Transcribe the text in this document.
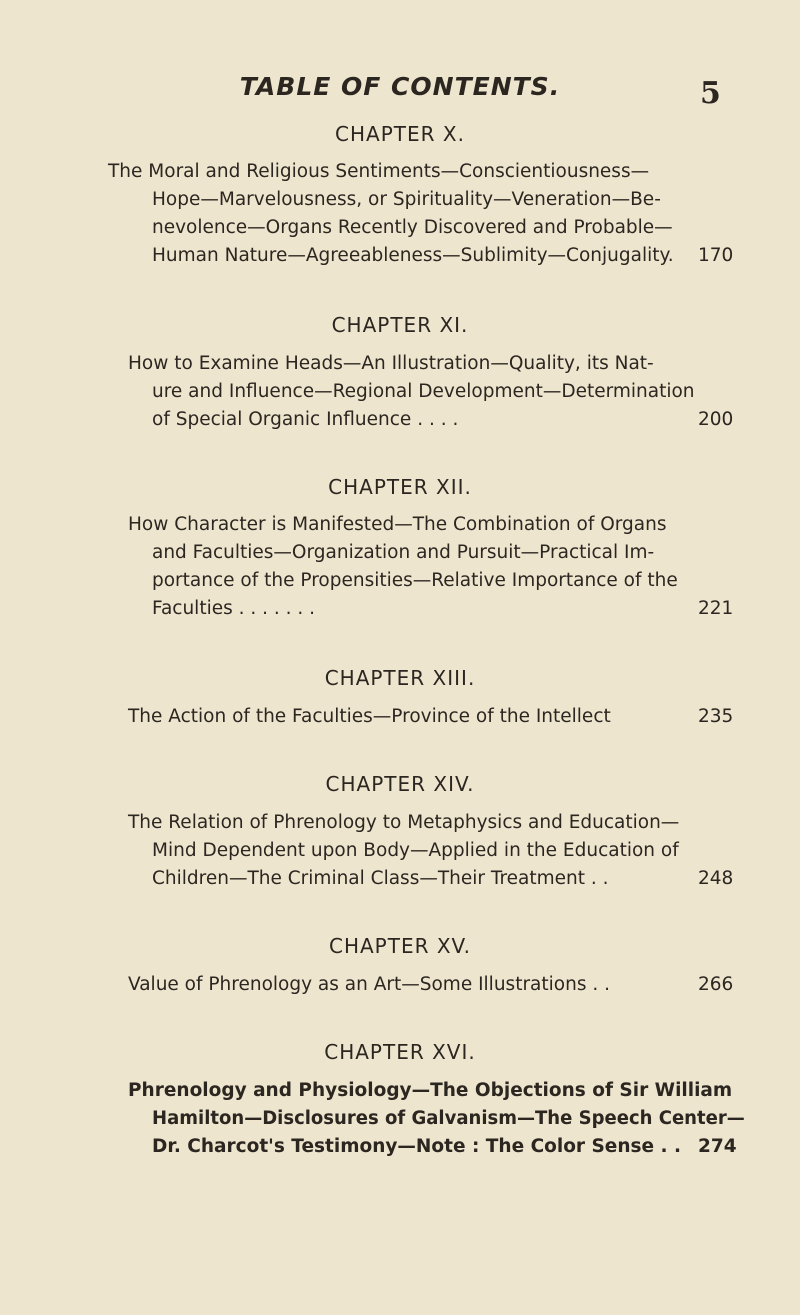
TABLE OF CONTENTS.	5
CHAPTER X.
The Moral and Religious Sentiments—Conscientiousness—
Hope—Marvelousness, or Spirituality—Veneration—Be-
nevolence—Organs Recently Discovered and Probable—
Human Nature—Agreeableness—Sublimity—Conjugality. 170
CHAPTER XI.
How to Examine Heads—An Illustration—Quality, its Nat-
ure and Influence—Regional Development—Determination
of Special Organic Influence . . . .	200
CHAPTER XII.
How Character is Manifested—The Combination of Organs
and Faculties—Organization and Pursuit—Practical Im-
portance of the Propensities—Relative Importance of the
Faculties . . . . . . .	221
CHAPTER XIII.
The Action of the Faculties—Province of the Intellect	235
CHAPTER XIV.
The Relation of Phrenology to Metaphysics and Education—
Mind Dependent upon Body—Applied in the Education of
Children—The Criminal Class—Their Treatment . .	248
CHAPTER XV.
Value of Phrenology as an Art—Some Illustrations . .	266
CHAPTER XVI.
Phrenology and Physiology—The Objections of Sir William
Hamilton—Disclosures of Galvanism—The Speech Center—
Dr. Charcot's Testimony—Note : The Color Sense . . 274
